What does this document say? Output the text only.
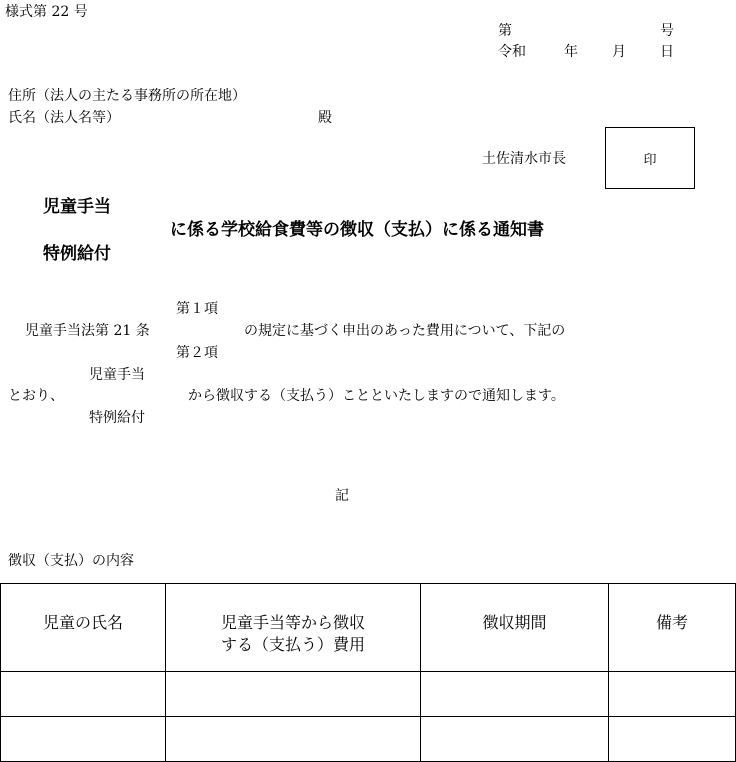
様式第 22 号
第	号
令和	年 月 日
住所（法人の主たる事務所の所在地）
氏名（法人名等）	殿
土佐清水市長	印
児童手当
に係る学校給食費等の徴収（支払）に係る通知書
特例給付
第１項
児童手当法第 21 条	の規定に基づく申出のあった費用について、下記の
第２項
児童手当
とおり、	から徴収する（支払う）ことといたしますので通知します。
特例給付
記
徴収（支払）の内容
児童の氏名	児童手当等から徴収
する（支払う）費用	徴収期間	備考
